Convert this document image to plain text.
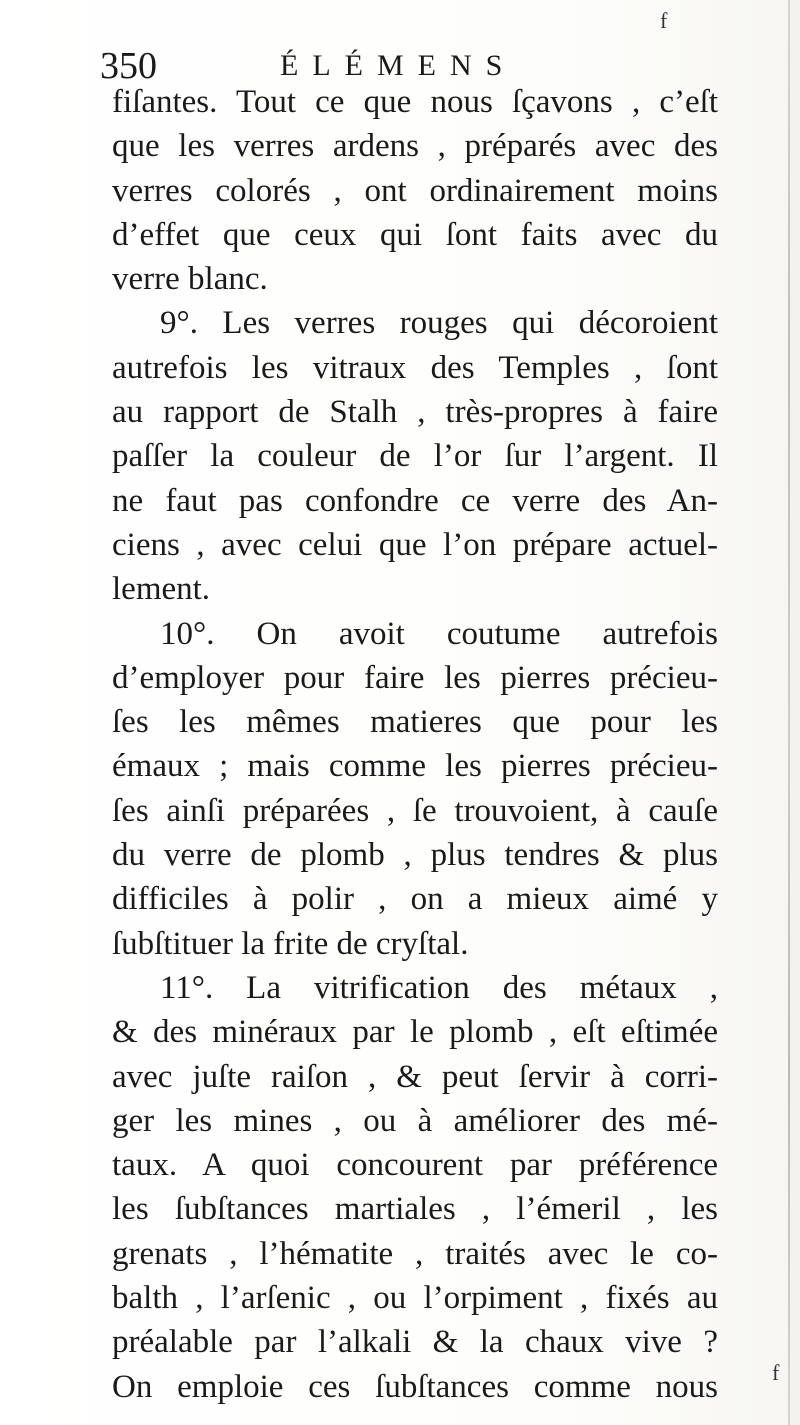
f
350	ÉLÉMENS
fiſantes. Tout ce que nous ſçavons , c’eſt
que les verres ardens , préparés avec des
verres colorés , ont ordinairement moins
d’effet que ceux qui ſont faits avec du
verre blanc.
9°. Les verres rouges qui décoroient
autrefois les vitraux des Temples , ſont
au rapport de Stalh , très-propres à faire
paſſer la couleur de l’or ſur l’argent. Il
ne faut pas confondre ce verre des An-
ciens , avec celui que l’on prépare actuel-
lement.
10°. On avoit coutume autrefois
d’employer pour faire les pierres précieu-
ſes les mêmes matieres que pour les
émaux ; mais comme les pierres précieu-
ſes ainſi préparées , ſe trouvoient, à cauſe
du verre de plomb , plus tendres & plus
difficiles à polir , on a mieux aimé y
ſubſtituer la frite de cryſtal.
11°. La vitrification des métaux ,
& des minéraux par le plomb , eſt eſtimée
avec juſte raiſon , & peut ſervir à corri-
ger les mines , ou à améliorer des mé-
taux. A quoi concourent par préférence
les ſubſtances martiales , l’émeril , les
grenats , l’hématite , traités avec le co-
balth , l’arſenic , ou l’orpiment , fixés au
préalable par l’alkali & la chaux vive ?
On emploie ces ſubſtances comme nous f
